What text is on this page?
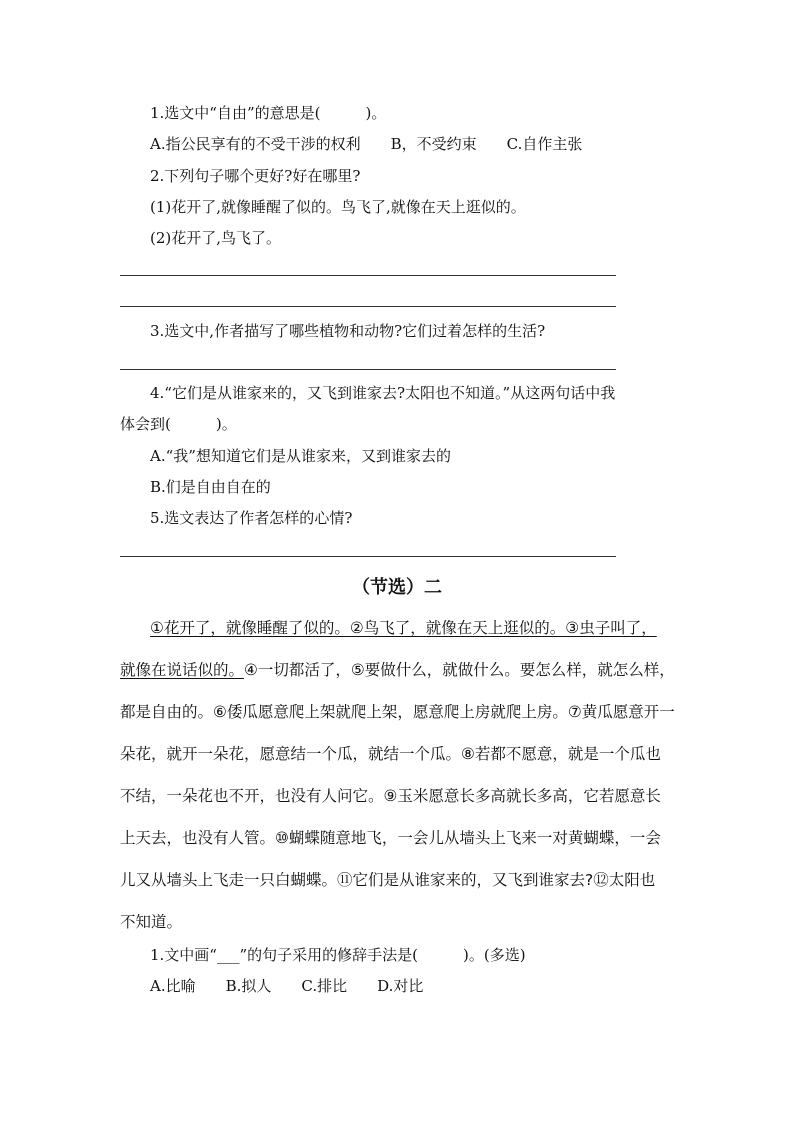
1.选文中“自由”的意思是(　　　)。
A.指公民享有的不受干涉的权利　　B，不受约束　　C.自作主张
2.下列句子哪个更好?好在哪里?
(1)花开了,就像睡醒了似的。鸟飞了,就像在天上逛似的。
(2)花开了,鸟飞了。
3.选文中,作者描写了哪些植物和动物?它们过着怎样的生活?
4.“它们是从谁家来的，又飞到谁家去?太阳也不知道。”从这两句话中我
体会到(　　　)。
A.“我”想知道它们是从谁家来，又到谁家去的
B.们是自由自在的
5.选文表达了作者怎样的心情?
（节选）二
①花开了，就像睡醒了似的。②鸟飞了，就像在天上逛似的。③虫子叫了，
就像在说话似的。④一切都活了，⑤要做什么，就做什么。要怎么样，就怎么样，
都是自由的。⑥倭瓜愿意爬上架就爬上架，愿意爬上房就爬上房。⑦黄瓜愿意开一
朵花，就开一朵花，愿意结一个瓜，就结一个瓜。⑧若都不愿意，就是一个瓜也
不结，一朵花也不开，也没有人问它。⑨玉米愿意长多高就长多高，它若愿意长
上天去，也没有人管。⑩蝴蝶随意地飞，一会儿从墙头上飞来一对黄蝴蝶，一会
儿又从墙头上飞走一只白蝴蝶。⑪它们是从谁家来的，又飞到谁家去?⑫太阳也
不知道。
1.文中画“___”的句子采用的修辞手法是(　　　)。(多选)
A.比喻　　B.拟人　　C.排比　　D.对比
